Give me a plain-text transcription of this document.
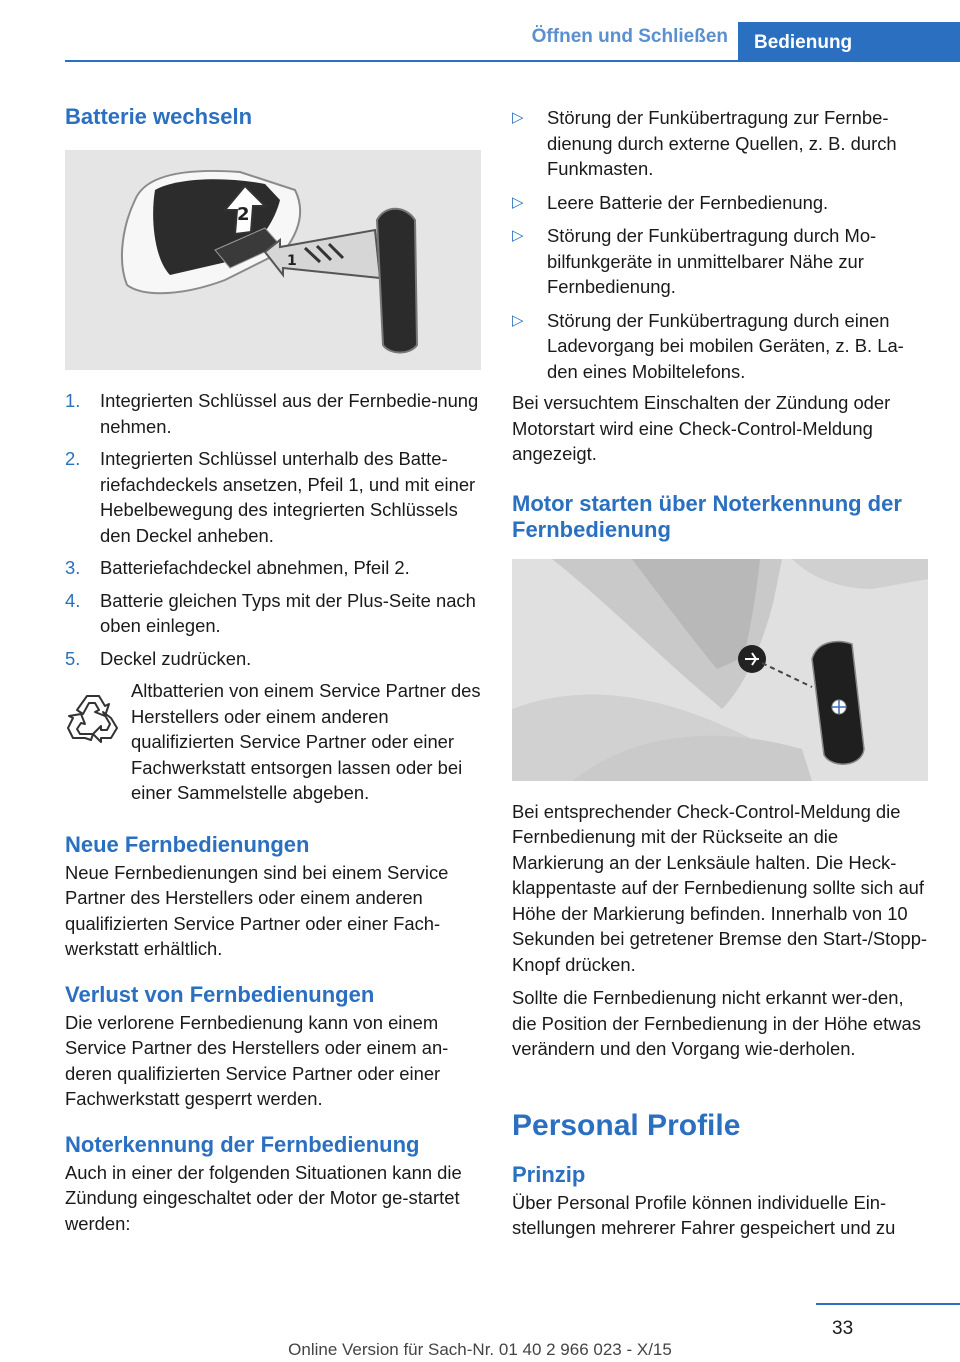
Öffnen und Schließen	Bedienung
Batterie wechseln
2
1
1. Integrierten Schlüssel aus der Fernbedie-nung nehmen.
2. Integrierten Schlüssel unterhalb des Batte-riefachdeckels ansetzen, Pfeil 1, und mit einer Hebelbewegung des integrierten Schlüssels den Deckel anheben.
3. Batteriefachdeckel abnehmen, Pfeil 2.
4. Batterie gleichen Typs mit der Plus-Seite nach oben einlegen.
5. Deckel zudrücken.

Altbatterien von einem Service Partner des Herstellers oder einem anderen qualifizierten Service Partner oder einer Fachwerkstatt entsorgen lassen oder bei einer Sammelstelle abgeben.

Neue Fernbedienungen

Neue Fernbedienungen sind bei einem Service Partner des Herstellers oder einem anderen qualifizierten Service Partner oder einer Fach-werkstatt erhältlich.

Verlust von Fernbedienungen

Die verlorene Fernbedienung kann von einem Service Partner des Herstellers oder einem an-deren qualifizierten Service Partner oder einer Fachwerkstatt gesperrt werden.

Noterkennung der Fernbedienung

Auch in einer der folgenden Situationen kann die Zündung eingeschaltet oder der Motor ge-startet werden:

▷ Störung der Funkübertragung zur Fernbe-dienung durch externe Quellen, z. B. durch Funkmasten.
▷ Leere Batterie der Fernbedienung.
▷ Störung der Funkübertragung durch Mo-bilfunkgeräte in unmittelbarer Nähe zur Fernbedienung.
▷ Störung der Funkübertragung durch einen Ladevorgang bei mobilen Geräten, z. B. La-den eines Mobiltelefons.

Bei versuchtem Einschalten der Zündung oder Motorstart wird eine Check-Control-Meldung angezeigt.

Motor starten über Noterkennung der Fernbedienung

Bei entsprechender Check-Control-Meldung die Fernbedienung mit der Rückseite an die Markierung an der Lenksäule halten. Die Heck-klappentaste auf der Fernbedienung sollte sich auf Höhe der Markierung befinden. Innerhalb von 10 Sekunden bei getretener Bremse den Start-/Stopp-Knopf drücken.

Sollte die Fernbedienung nicht erkannt wer-den, die Position der Fernbedienung in der Höhe etwas verändern und den Vorgang wie-derholen.

Personal Profile
Prinzip

Über Personal Profile können individuelle Ein-stellungen mehrerer Fahrer gespeichert und zu

33
Online Version für Sach-Nr. 01 40 2 966 023 - X/15
